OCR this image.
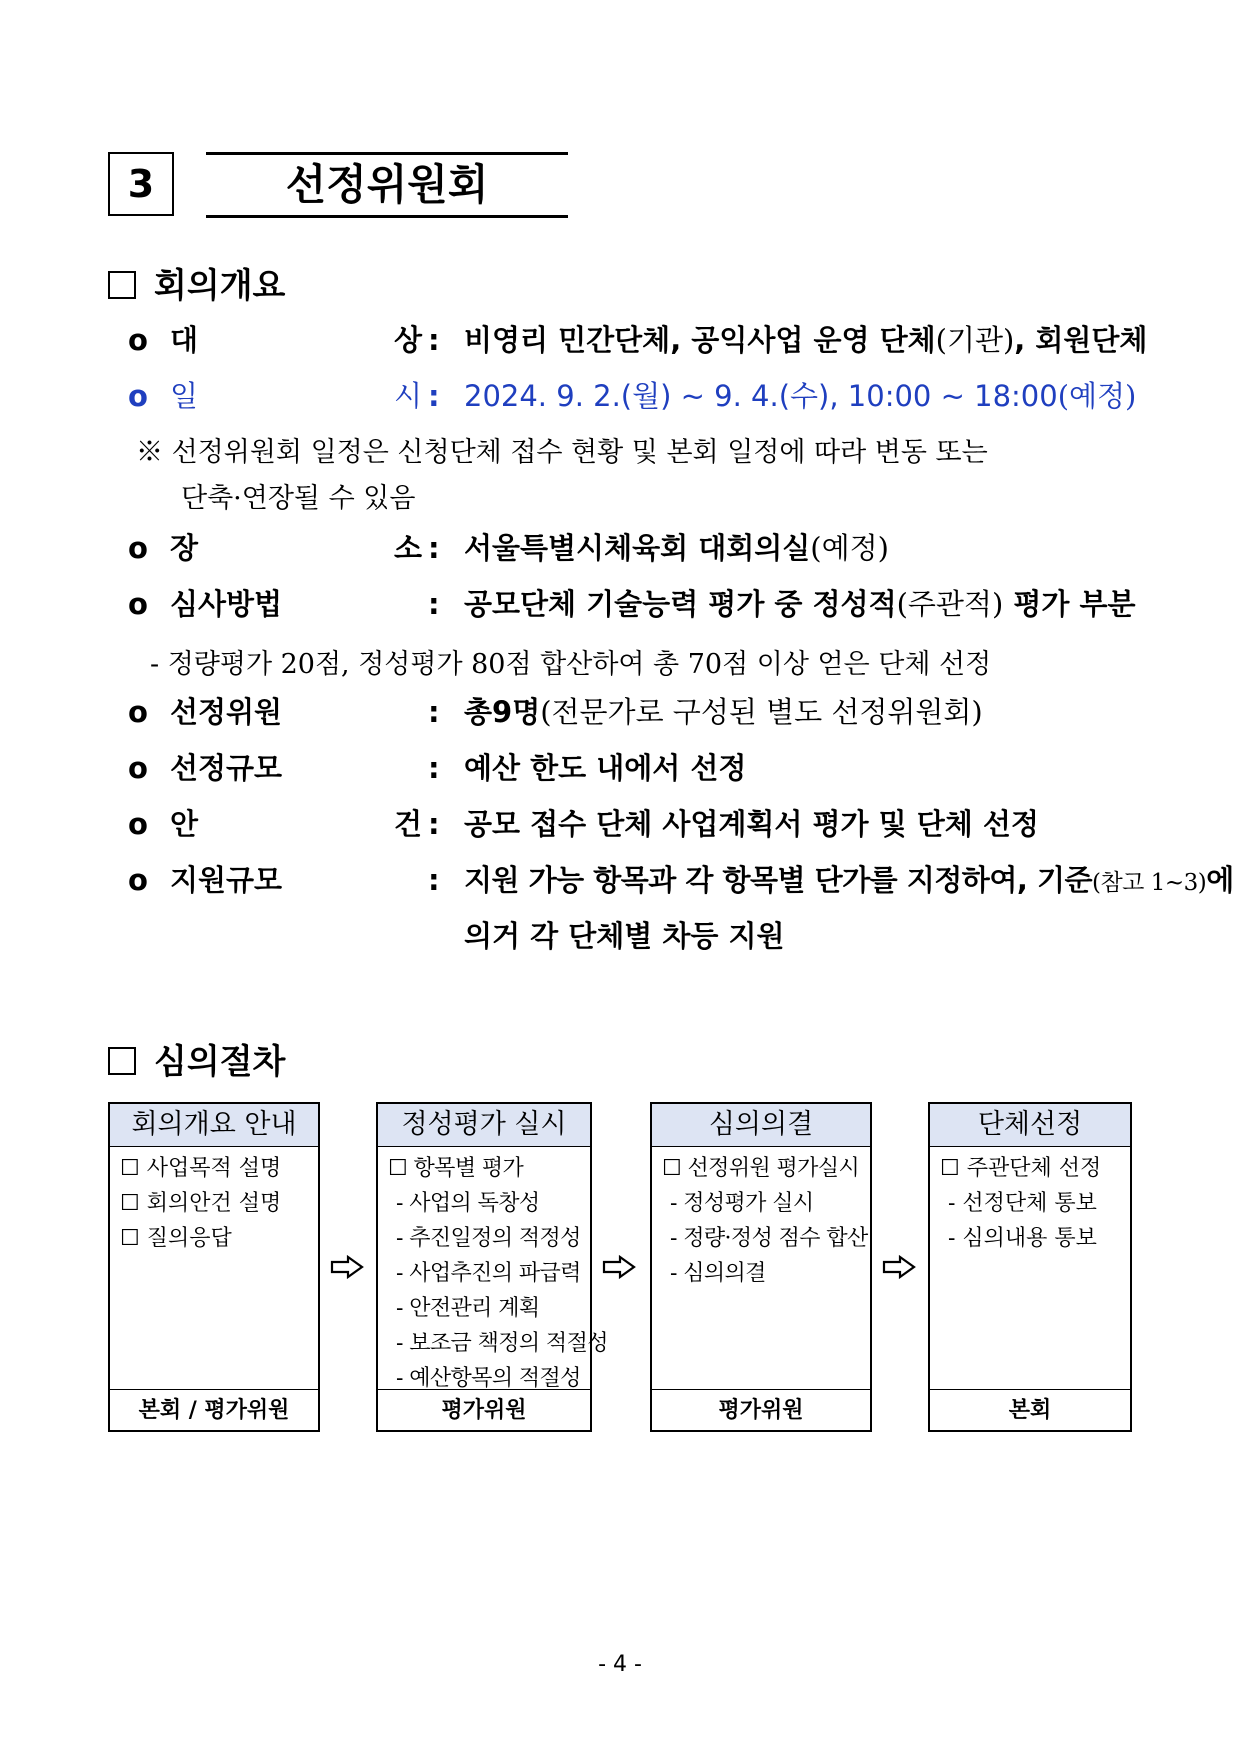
3	선정위원회
회의개요
o 대 상 : 비영리 민간단체, 공익사업 운영 단체(기관), 회원단체
o 일 시 : 2024. 9. 2.(월) ~ 9. 4.(수), 10:00 ~ 18:00(예정)
※ 선정위원회 일정은 신청단체 접수 현황 및 본회 일정에 따라 변동 또는
단축·연장될 수 있음
o 장 소 : 서울특별시체육회 대회의실(예정)
o 심사방법	: 공모단체 기술능력 평가 중 정성적(주관적) 평가 부분
- 정량평가 20점, 정성평가 80점 합산하여 총 70점 이상 얻은 단체 선정
o 선정위원	: 총9명(전문가로 구성된 별도 선정위원회)
o 선정규모	: 예산 한도 내에서 선정
o 안 건 : 공모 접수 단체 사업계획서 평가 및 단체 선정
o 지원규모	: 지원 가능 항목과 각 항목별 단가를 지정하여, 기준(참고 1~3)에
의거 각 단체별 차등 지원
심의절차
회의개요 안내
☐ 사업목적 설명
☐ 회의안건 설명
☐ 질의응답
본회 / 평가위원
정성평가 실시
☐ 항목별 평가
- 사업의 독창성
- 추진일정의 적정성
- 사업추진의 파급력
- 안전관리 계획
- 보조금 책정의 적절성
- 예산항목의 적절성
평가위원
심의의결
☐ 선정위원 평가실시
- 정성평가 실시
- 정량·정성 점수 합산
- 심의의결
평가위원
단체선정
☐ 주관단체 선정
- 선정단체 통보
- 심의내용 통보
본회
- 4 -
